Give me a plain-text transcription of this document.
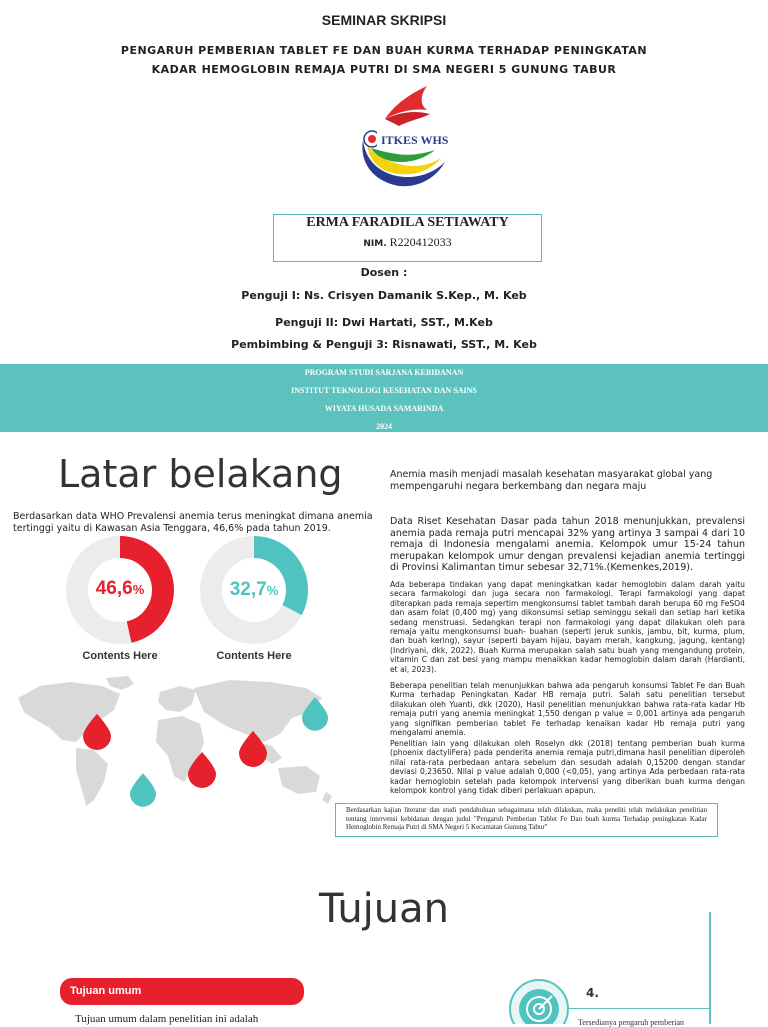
SEMINAR SKRIPSI
PENGARUH PEMBERIAN TABLET FE DAN BUAH KURMA TERHADAP PENINGKATAN
KADAR HEMOGLOBIN REMAJA PUTRI DI SMA NEGERI 5 GUNUNG TABUR
ITKES WHS
ERMA FARADILA SETIAWATY
NIM. R220412033
Dosen :
Penguji I: Ns. Crisyen Damanik S.Kep., M. Keb
Penguji II: Dwi Hartati, SST., M.Keb
Pembimbing & Penguji 3: Risnawati, SST., M. Keb
PROGRAM STUDI SARJANA KEBIDANAN
INSTITUT TEKNOLOGI KESEHATAN DAN SAINS
WIYATA HUSADA SAMARINDA
2024
Latar belakang
Berdasarkan data WHO Prevalensi anemia terus meningkat dimana anemia tertinggi yaitu di Kawasan Asia Tenggara, 46,6% pada tahun 2019.
46,6%
Contents Here
32,7%
Contents Here
Anemia masih menjadi masalah kesehatan masyarakat global yang mempengaruhi negara berkembang dan negara maju
Data Riset Kesehatan Dasar pada tahun 2018 menunjukkan, prevalensi anemia pada remaja putri mencapai 32% yang artinya 3 sampai 4 dari 10 remaja di Indonesia mengalami anemia. Kelompok umur 15-24 tahun merupakan kelompok umur dengan prevalensi kejadian anemia tertinggi di Provinsi Kalimantan timur sebesar 32,71%.(Kemenkes,2019).
Ada beberapa tindakan yang dapat meningkatkan kadar hemoglobin dalam darah yaitu secara farmakologi dan juga secara non farmakologi. Terapi farmakologi yang dapat diterapkan pada remaja sepertim mengkonsumsi tablet tambah darah berupa 60 mg FeSO4 dan asam folat (0,400 mg) yang dikonsumsi setiap seminggu sekali dan setiap hari ketika sedang menstruasi. Sedangkan terapi non farmakologi yang dapat dilakukan oleh para remaja yaitu mengkonsumsi buah- buahan (seperti jeruk sunkis, jambu, bit, kurma, plum, dan buah kering), sayur (seperti bayam hijau, bayam merah, kangkung, jagung, kentang) (Indriyani, dkk, 2022). Buah Kurma merupakan salah satu buah yang mengandung protein, vitamin C dan zat besi yang mampu menaikkan kadar hemoglobin dalam darah (Hardianti, et al, 2023).
Beberapa penelitian telah menunjukkan bahwa ada pengaruh konsumsi Tablet Fe dan Buah Kurma terhadap Peningkatan Kadar HB remaja putri. Salah satu penelitian tersebut dilakukan oleh Yuanti, dkk (2020), Hasil penelitian menunjukkan bahwa rata-rata kadar Hb remaja putri yang anemia meningkat 1,550 dengan p value = 0,001 artinya ada pengaruh yang signifikan pemberian tablet Fe terhadap kenaikan kadar Hb remaja putri yang mengalami anemia.
Penelitian lain yang dilakukan oleh Roselyn dkk (2018) tentang pemberian buah kurma (phoenix dactyliFera) pada penderita anemia remaja putri,dimana hasil penelitian diperoleh nilai rata-rata perbedaan antara sebelum dan sesudah adalah 0,15200 dengan standar deviasi 0,23650. Nilai p value adalah 0,000 (<0,05), yang artinya Ada perbedaan rata-rata kadar hemoglobin setelah pada kelompok intervensi yang diberikan buah kurma dengan kelompok kontrol yang tidak diberi perlakuan apapun.
Berdasarkan kajian literatur dan studi pendahuluan sebagaimana telah dilakukan, maka peneliti telah melakukan penelitian tentang intervensi kebidanan dengan judul "Pengaruh Pemberian Tablet Fe Dan buah kurma Terhadap peningkatan Kadar Hemoglobin Remaja Putri di SMA Negeri 5 Kecamatan Gunung Tabur"
Tujuan
Tujuan umum
Tujuan umum dalam penelitian ini adalah
4.
Tersedianya pengaruh pemberian
